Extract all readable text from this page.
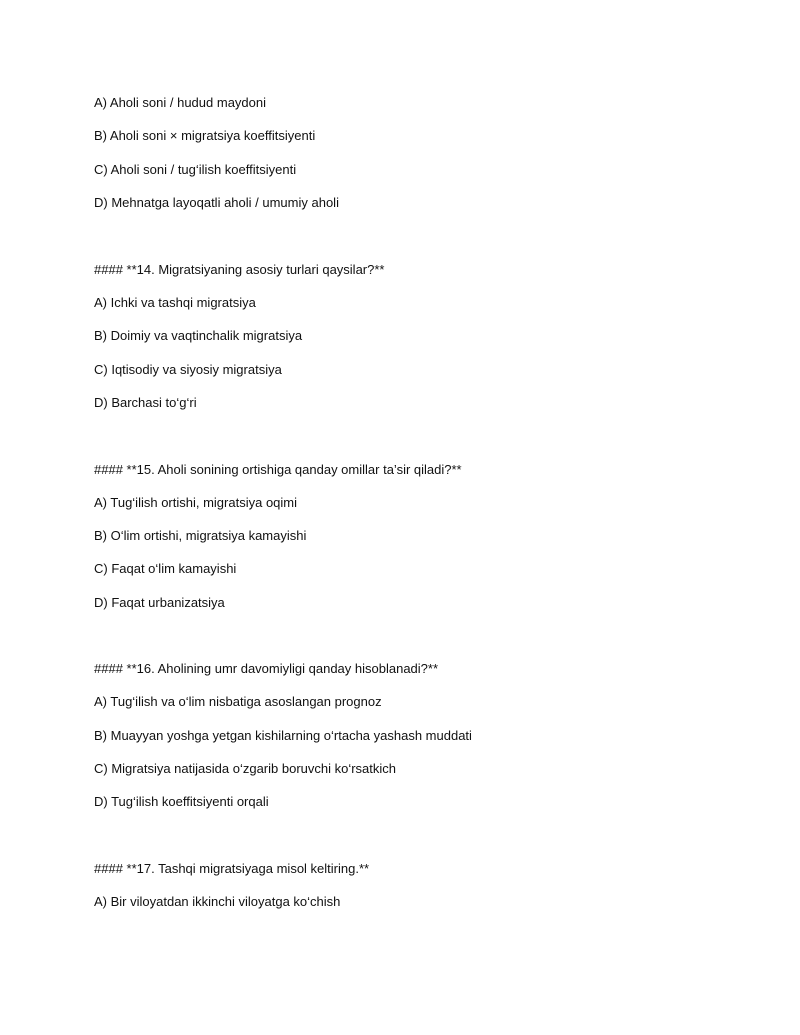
A) Aholi soni / hudud maydoni
B) Aholi soni × migratsiya koeffitsiyenti
C) Aholi soni / tug‘ilish koeffitsiyenti
D) Mehnatga layoqatli aholi / umumiy aholi
#### **14. Migratsiyaning asosiy turlari qaysilar?**
A) Ichki va tashqi migratsiya
B) Doimiy va vaqtinchalik migratsiya
C) Iqtisodiy va siyosiy migratsiya
D) Barchasi to‘g‘ri
#### **15. Aholi sonining ortishiga qanday omillar ta’sir qiladi?**
A) Tug‘ilish ortishi, migratsiya oqimi
B) O‘lim ortishi, migratsiya kamayishi
C) Faqat o‘lim kamayishi
D) Faqat urbanizatsiya
#### **16. Aholining umr davomiyligi qanday hisoblanadi?**
A) Tug‘ilish va o‘lim nisbatiga asoslangan prognoz
B) Muayyan yoshga yetgan kishilarning o‘rtacha yashash muddati
C) Migratsiya natijasida o‘zgarib boruvchi ko‘rsatkich
D) Tug‘ilish koeffitsiyenti orqali
#### **17. Tashqi migratsiyaga misol keltiring.**
A) Bir viloyatdan ikkinchi viloyatga ko‘chish
